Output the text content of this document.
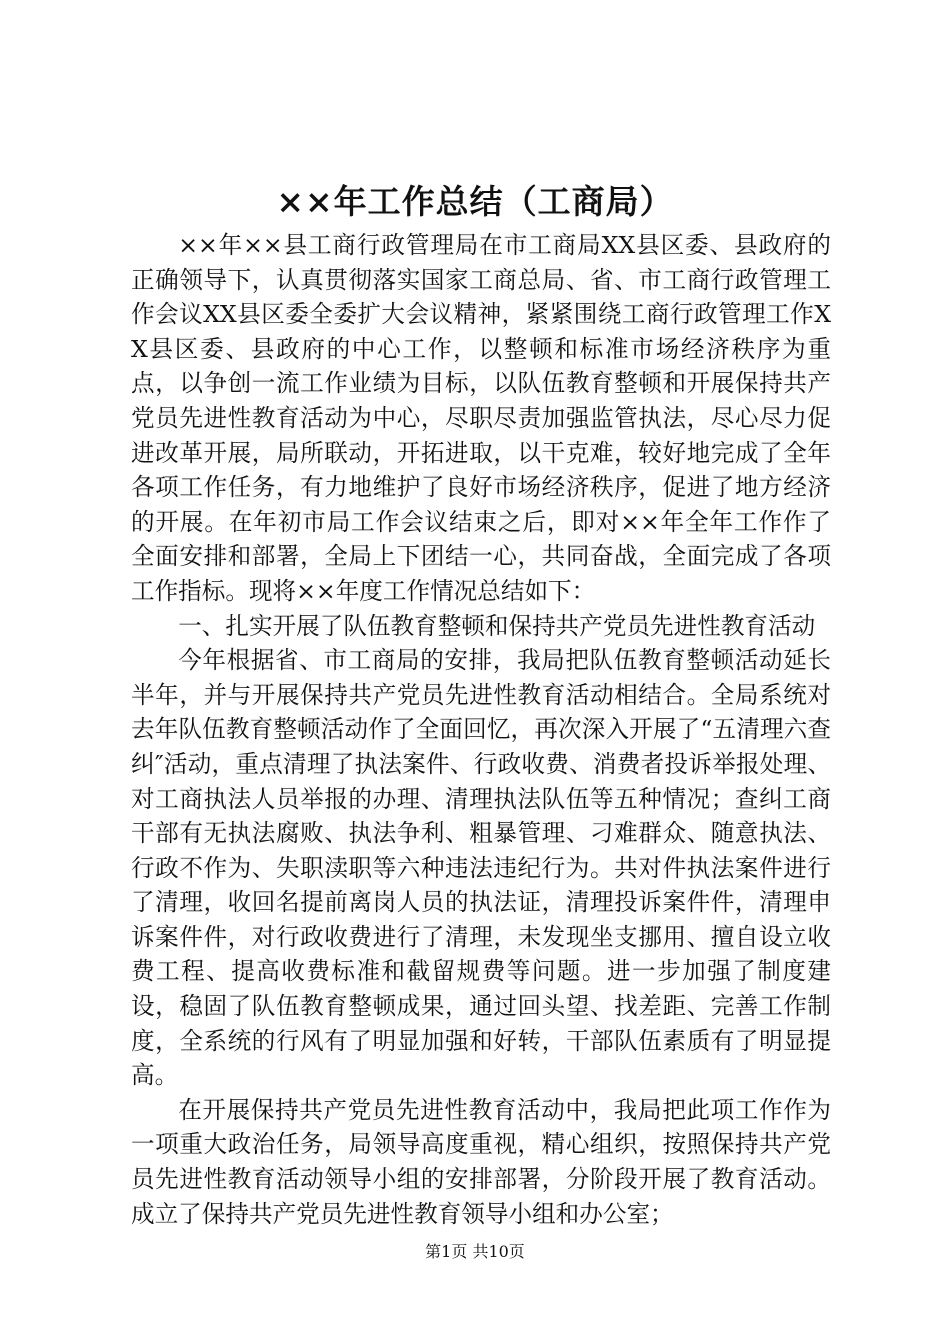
××年工作总结（工商局）

××年××县工商行政管理局在市工商局XX县区委、县政府的正确领导下，认真贯彻落实国家工商总局、省、市工商行政管理工作会议XX县区委全委扩大会议精神，紧紧围绕工商行政管理工作XX县区委、县政府的中心工作，以整顿和标准市场经济秩序为重点，以争创一流工作业绩为目标，以队伍教育整顿和开展保持共产党员先进性教育活动为中心，尽职尽责加强监管执法，尽心尽力促进改革开展，局所联动，开拓进取，以干克难，较好地完成了全年各项工作任务，有力地维护了良好市场经济秩序，促进了地方经济的开展。在年初市局工作会议结束之后，即对××年全年工作作了全面安排和部署，全局上下团结一心，共同奋战，全面完成了各项工作指标。现将××年度工作情况总结如下：

一、扎实开展了队伍教育整顿和保持共产党员先进性教育活动

今年根据省、市工商局的安排，我局把队伍教育整顿活动延长半年，并与开展保持共产党员先进性教育活动相结合。全局系统对去年队伍教育整顿活动作了全面回忆，再次深入开展了“五清理六查纠″活动，重点清理了执法案件、行政收费、消费者投诉举报处理、对工商执法人员举报的办理、清理执法队伍等五种情况；查纠工商干部有无执法腐败、执法争利、粗暴管理、刁难群众、随意执法、行政不作为、失职渎职等六种违法违纪行为。共对件执法案件进行了清理，收回名提前离岗人员的执法证，清理投诉案件件，清理申诉案件件，对行政收费进行了清理，未发现坐支挪用、擅自设立收费工程、提高收费标准和截留规费等问题。进一步加强了制度建设，稳固了队伍教育整顿成果，通过回头望、找差距、完善工作制度，全系统的行风有了明显加强和好转，干部队伍素质有了明显提高。

在开展保持共产党员先进性教育活动中，我局把此项工作作为一项重大政治任务，局领导高度重视，精心组织，按照保持共产党员先进性教育活动领导小组的安排部署，分阶段开展了教育活动。成立了保持共产党员先进性教育领导小组和办公室；

第1页 共10页
